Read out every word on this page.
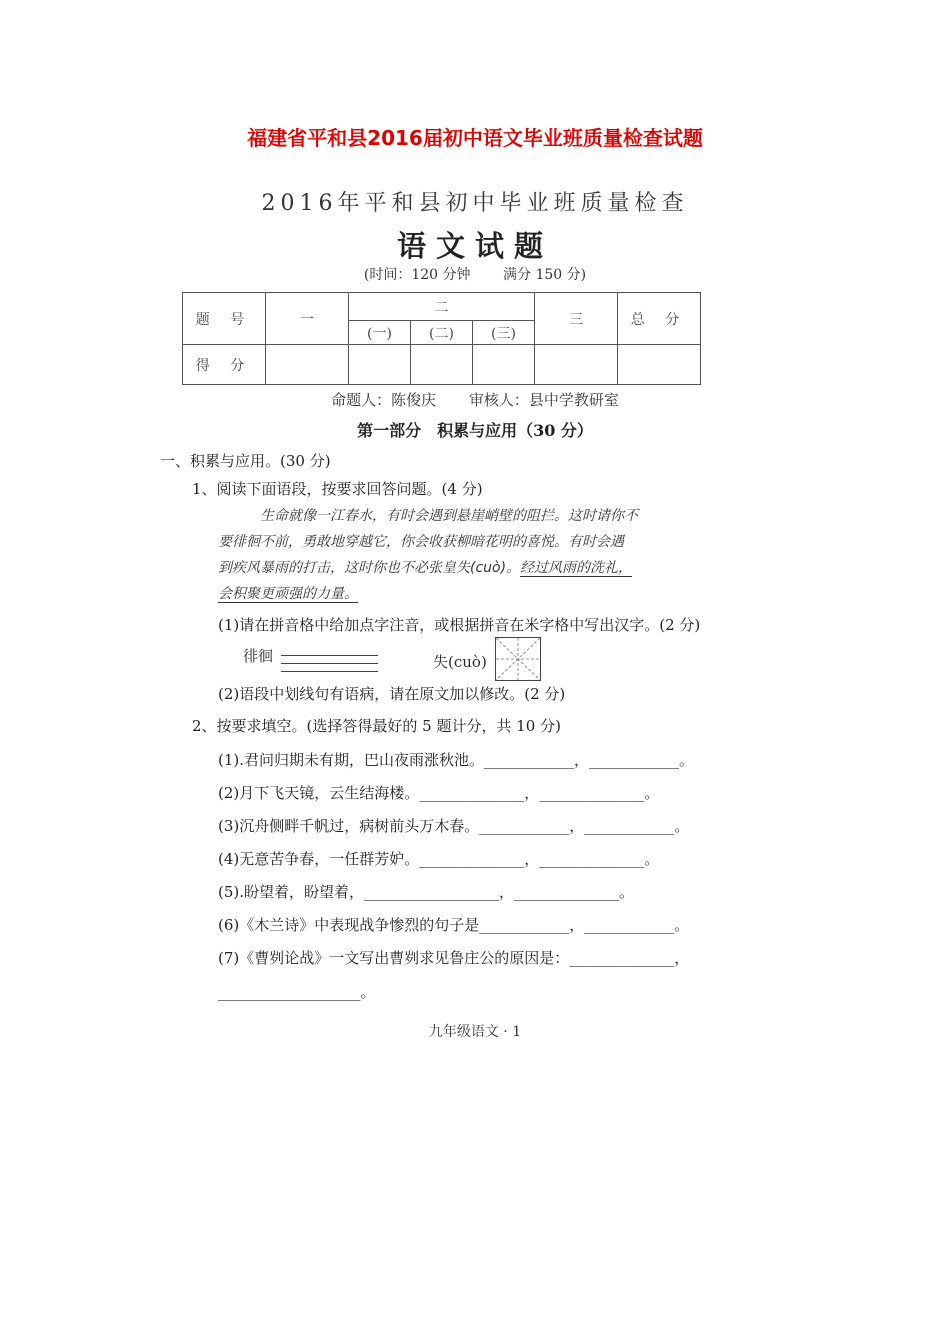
福建省平和县2016届初中语文毕业班质量检查试题
2016年平和县初中毕业班质量检查
语文试题
(时间：120 分钟 满分 150 分)
题 号	一	二			三	总 分
		(一)	(二)	(三)		
得 分						
命题人：陈俊庆 审核人：县中学教研室
第一部分　积累与应用（30 分）
一、积累与应用。(30 分)
1、阅读下面语段，按要求回答问题。(4 分)
生命就像一江春水，有时会遇到悬崖峭壁的阻拦。这时请你不
要徘徊不前，勇敢地穿越它，你会收获柳暗花明的喜悦。有时会遇
到疾风暴雨的打击，这时你也不必张皇失(cuò)。经过风雨的洗礼，
会积聚更顽强的力量。
(1)请在拼音格中给加点字注音，或根据拼音在米字格中写出汉字。(2 分)
徘徊	失(cuò)
(2)语段中划线句有语病，请在原文加以修改。(2 分)
2、按要求填空。(选择答得最好的 5 题计分，共 10 分)
(1).君问归期未有期，巴山夜雨涨秋池。____________，____________。
(2)月下飞天镜，云生结海楼。______________，______________。
(3)沉舟侧畔千帆过，病树前头万木春。____________，____________。
(4)无意苦争春，一任群芳妒。______________，______________。
(5).盼望着，盼望着，__________________，______________。
(6)《木兰诗》中表现战争惨烈的句子是____________，____________。
(7)《曹刿论战》一文写出曹刿求见鲁庄公的原因是：______________，
___________________。
九年级语文 · 1
